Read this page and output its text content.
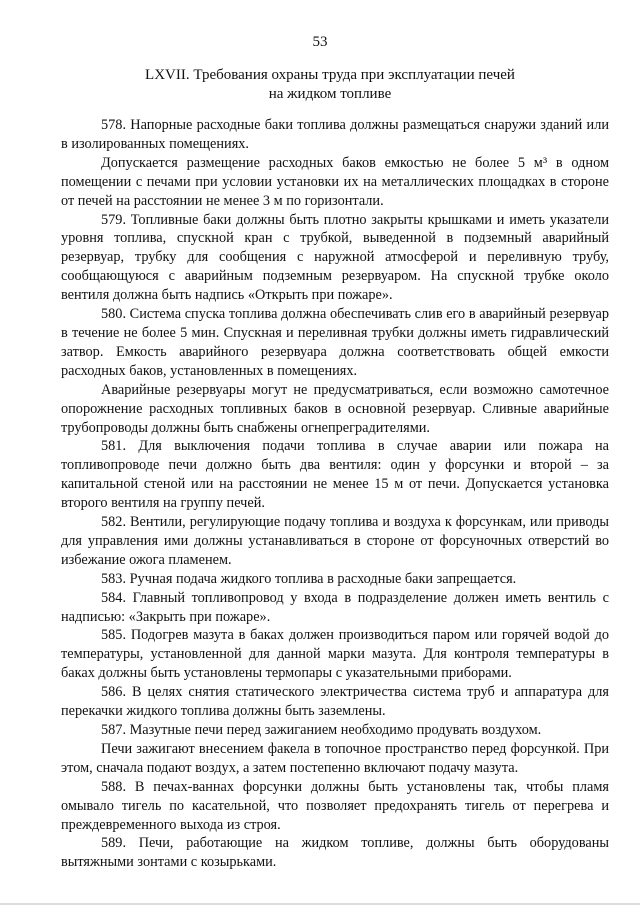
53
LXVII. Требования охраны труда при эксплуатации печей
на жидком топливе

578. Напорные расходные баки топлива должны размещаться снаружи зданий или в изолированных помещениях.

Допускается размещение расходных баков емкостью не более 5 м³ в одном помещении с печами при условии установки их на металлических площадках в стороне от печей на расстоянии не менее 3 м по горизонтали.

579. Топливные баки должны быть плотно закрыты крышками и иметь указатели уровня топлива, спускной кран с трубкой, выведенной в подземный аварийный резервуар, трубку для сообщения с наружной атмосферой и переливную трубу, сообщающуюся с аварийным подземным резервуаром. На спускной трубке около вентиля должна быть надпись «Открыть при пожаре».

580. Система спуска топлива должна обеспечивать слив его в аварийный резервуар в течение не более 5 мин. Спускная и переливная трубки должны иметь гидравлический затвор. Емкость аварийного резервуара должна соответствовать общей емкости расходных баков, установленных в помещениях.

Аварийные резервуары могут не предусматриваться, если возможно самотечное опорожнение расходных топливных баков в основной резервуар. Сливные аварийные трубопроводы должны быть снабжены огнепреградителями.

581. Для выключения подачи топлива в случае аварии или пожара на топливопроводе печи должно быть два вентиля: один у форсунки и второй – за капитальной стеной или на расстоянии не менее 15 м от печи. Допускается установка второго вентиля на группу печей.

582. Вентили, регулирующие подачу топлива и воздуха к форсункам, или приводы для управления ими должны устанавливаться в стороне от форсуночных отверстий во избежание ожога пламенем.

583. Ручная подача жидкого топлива в расходные баки запрещается.

584. Главный топливопровод у входа в подразделение должен иметь вентиль с надписью: «Закрыть при пожаре».

585. Подогрев мазута в баках должен производиться паром или горячей водой до температуры, установленной для данной марки мазута. Для контроля температуры в баках должны быть установлены термопары с указательными приборами.

586. В целях снятия статического электричества система труб и аппаратура для перекачки жидкого топлива должны быть заземлены.

587. Мазутные печи перед зажиганием необходимо продувать воздухом.

Печи зажигают внесением факела в топочное пространство перед форсункой. При этом, сначала подают воздух, а затем постепенно включают подачу мазута.

588. В печах-ваннах форсунки должны быть установлены так, чтобы пламя омывало тигель по касательной, что позволяет предохранять тигель от перегрева и преждевременного выхода из строя.

589. Печи, работающие на жидком топливе, должны быть оборудованы вытяжными зонтами с козырьками.
